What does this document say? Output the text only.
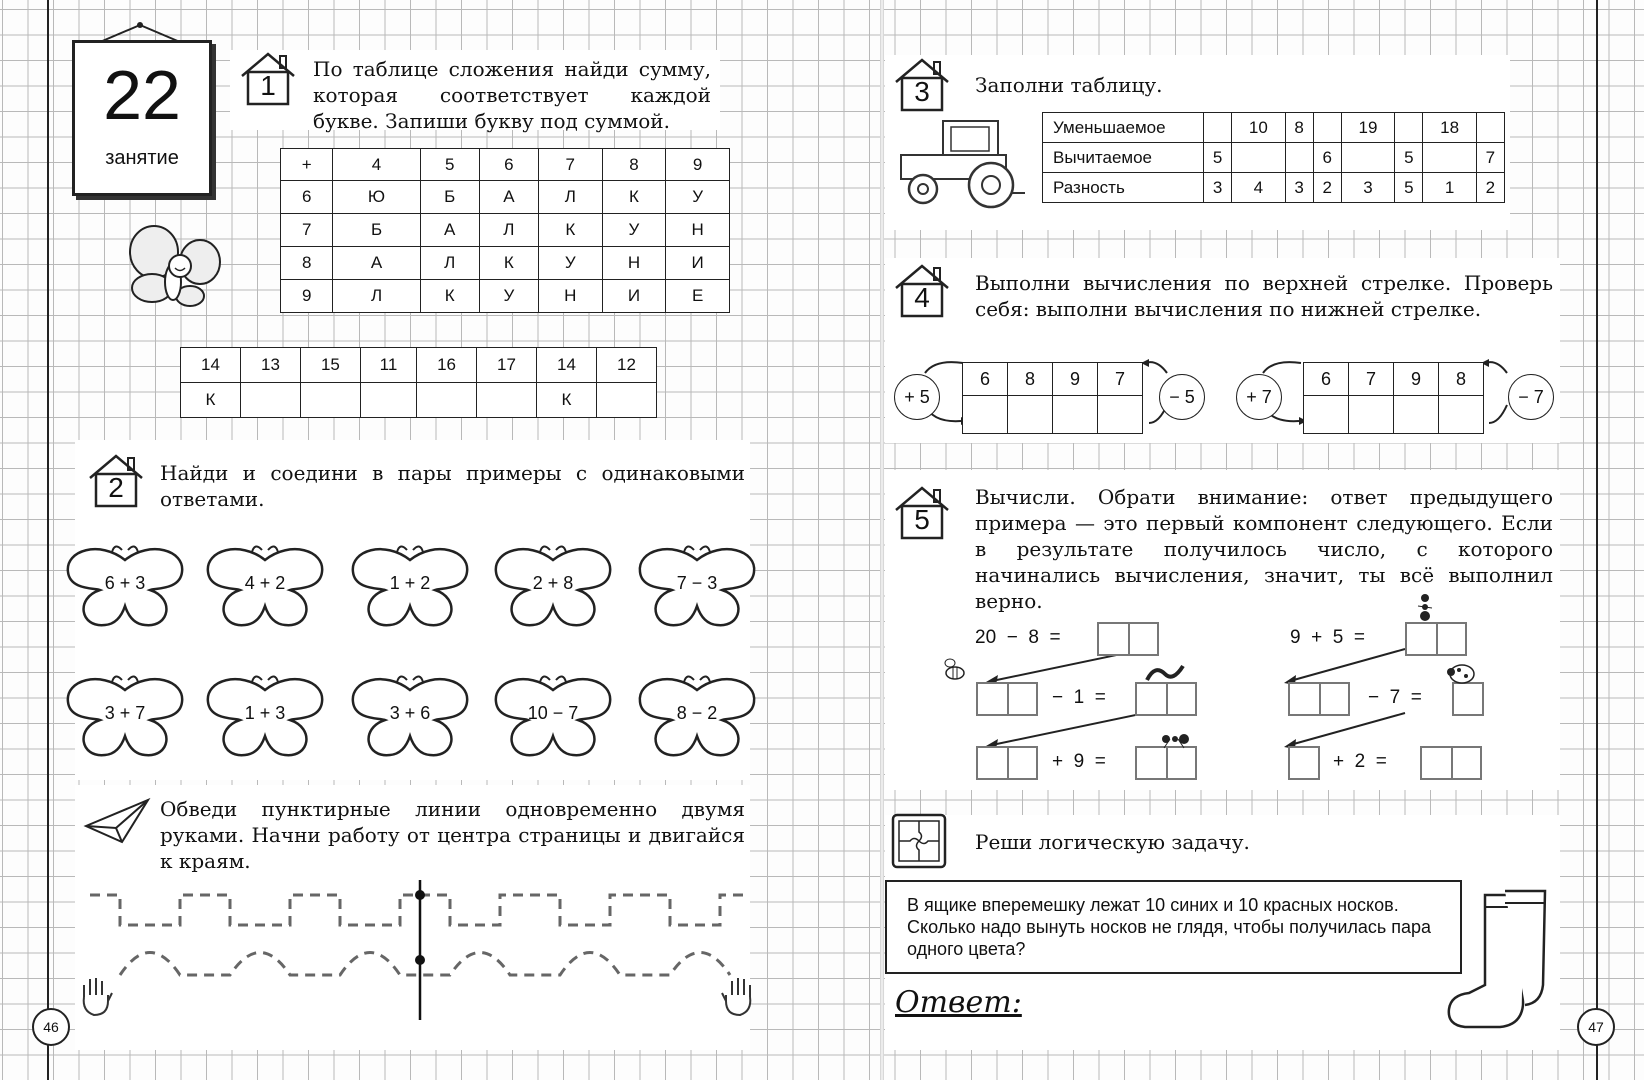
22
занятие
1
По таблице сложения найди сумму, которая соответствует каждой букве. Запиши букву под суммой.
+	4	5	6	7	8	9
6	Ю	Б	А	Л	К	У
7	Б	А	Л	К	У	Н
8	А	Л	К	У	Н	И
9	Л	К	У	Н	И	Е
14	13	15	11	16	17	14	12
К						К	
2	Найди и соедини в пары примеры с одинаковыми ответами.
6 + 3	4 + 2	1 + 2	2 + 8	7 − 3
3 + 7	1 + 3	3 + 6	10 − 7	8 − 2
Обведи пунктирные линии одновременно двумя руками. Начни работу от центра страницы и двигайся к краям.
46
3	Заполни таблицу.
Уменьшаемое		10	8		19		18	
Вычитаемое	5			6		5		7
Разность	3	4	3	2	3	5	1	2
4	Выполни вычисления по верхней стрелке. Проверь себя: выполни вычисления по нижней стрелке.
+ 5
6	8	9	7

− 5	+ 7
6	7	9	8

− 7
5
Вычисли. Обрати внимание: ответ предыдущего примера — это первый компонент следующего. Если в результате получилось число, с которого начинались вычисления, значит, ты всё выполнил верно.
20  −  8  =
−  1  =
+  9  =
9  +  5  =
−  7  =
+  2  =
Реши логическую задачу.
В ящике вперемешку лежат 10 синих и 10 красных носков. Сколько надо вынуть носков не глядя, чтобы получилась пара одного цвета?
Ответ:
47
